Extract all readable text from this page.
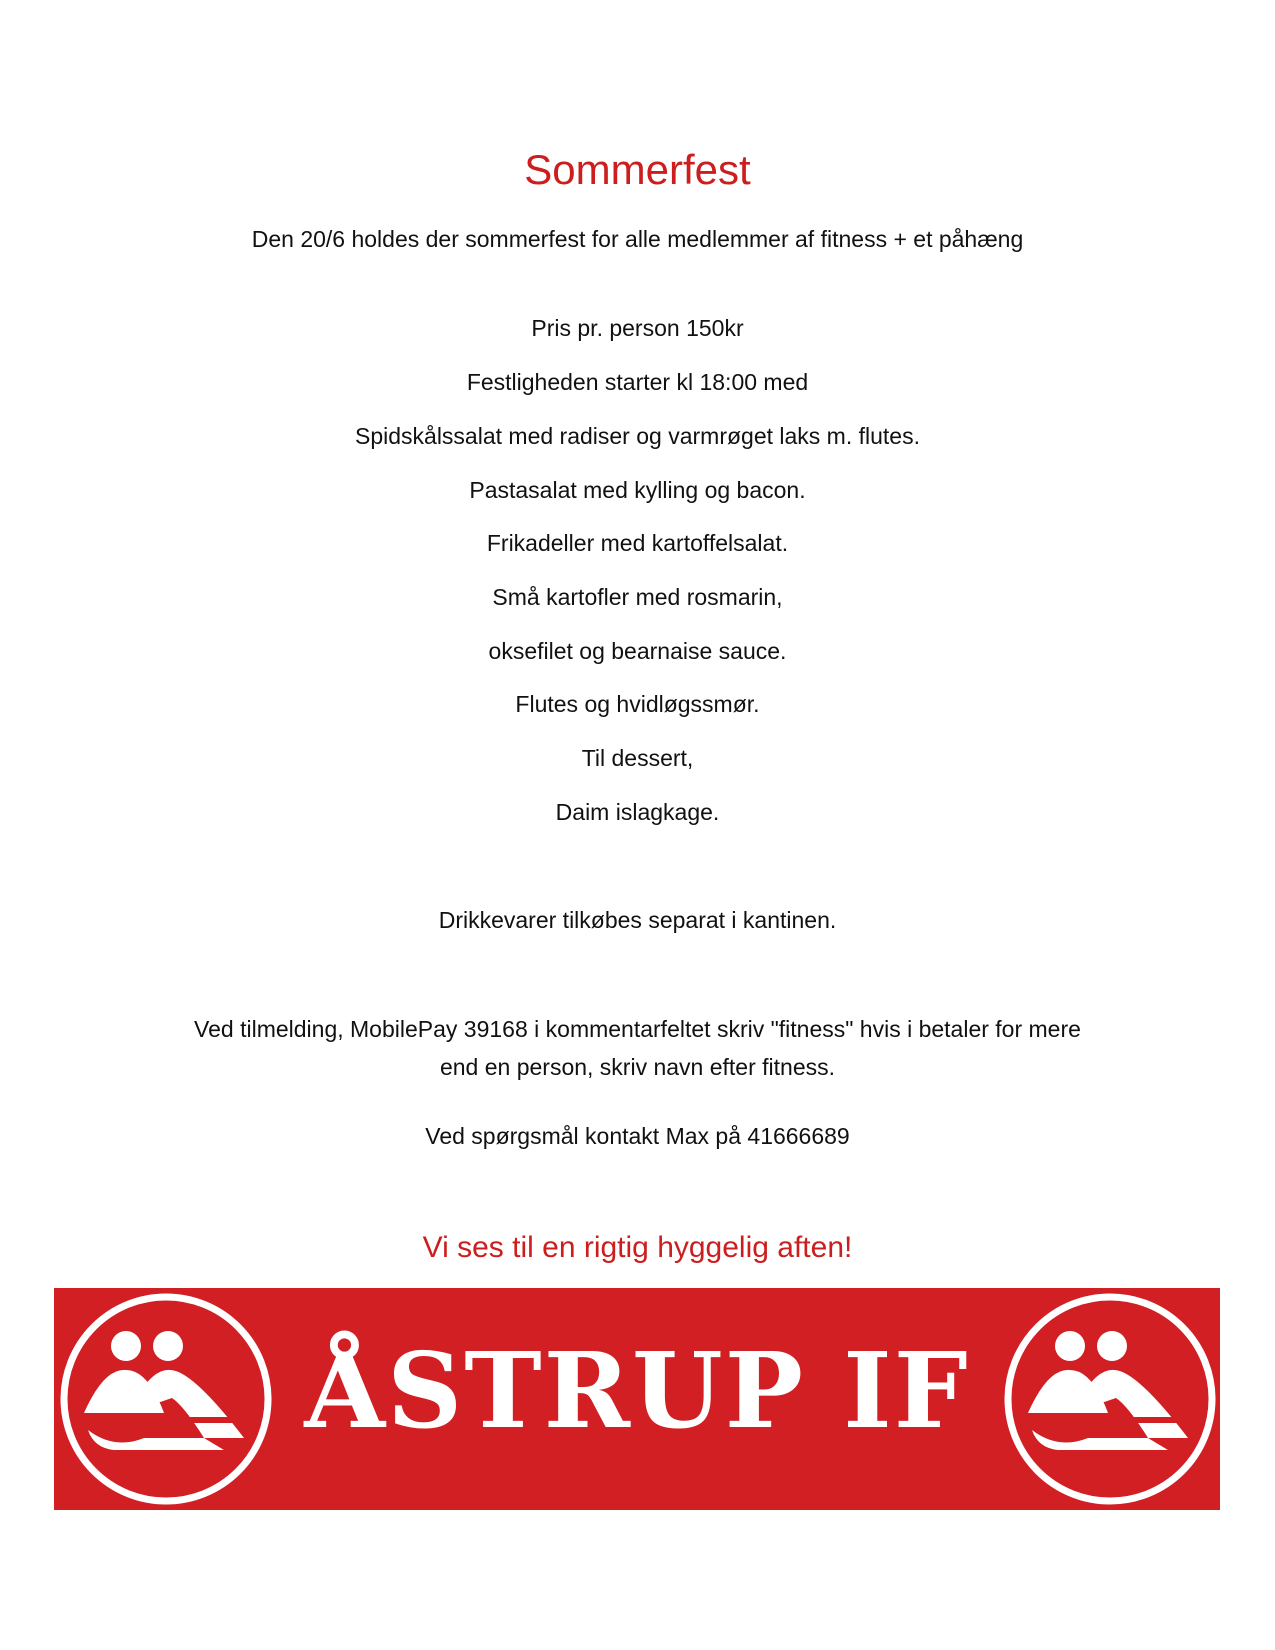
Sommerfest
Den 20/6 holdes der sommerfest for alle medlemmer af fitness + et påhæng
Pris pr. person 150kr
Festligheden starter kl 18:00 med
Spidskålssalat med radiser og varmrøget laks m. flutes.
Pastasalat med kylling og bacon.
Frikadeller med kartoffelsalat.
Små kartofler med rosmarin,
oksefilet og bearnaise sauce.
Flutes og hvidløgssmør.
Til dessert,
Daim islagkage.
Drikkevarer tilkøbes separat i kantinen.
Ved tilmelding, MobilePay 39168 i kommentarfeltet skriv "fitness" hvis i betaler for mere end en person, skriv navn efter fitness.
Ved spørgsmål kontakt Max på 41666689
Vi ses til en rigtig hyggelig aften!
ÅSTRUP IF
